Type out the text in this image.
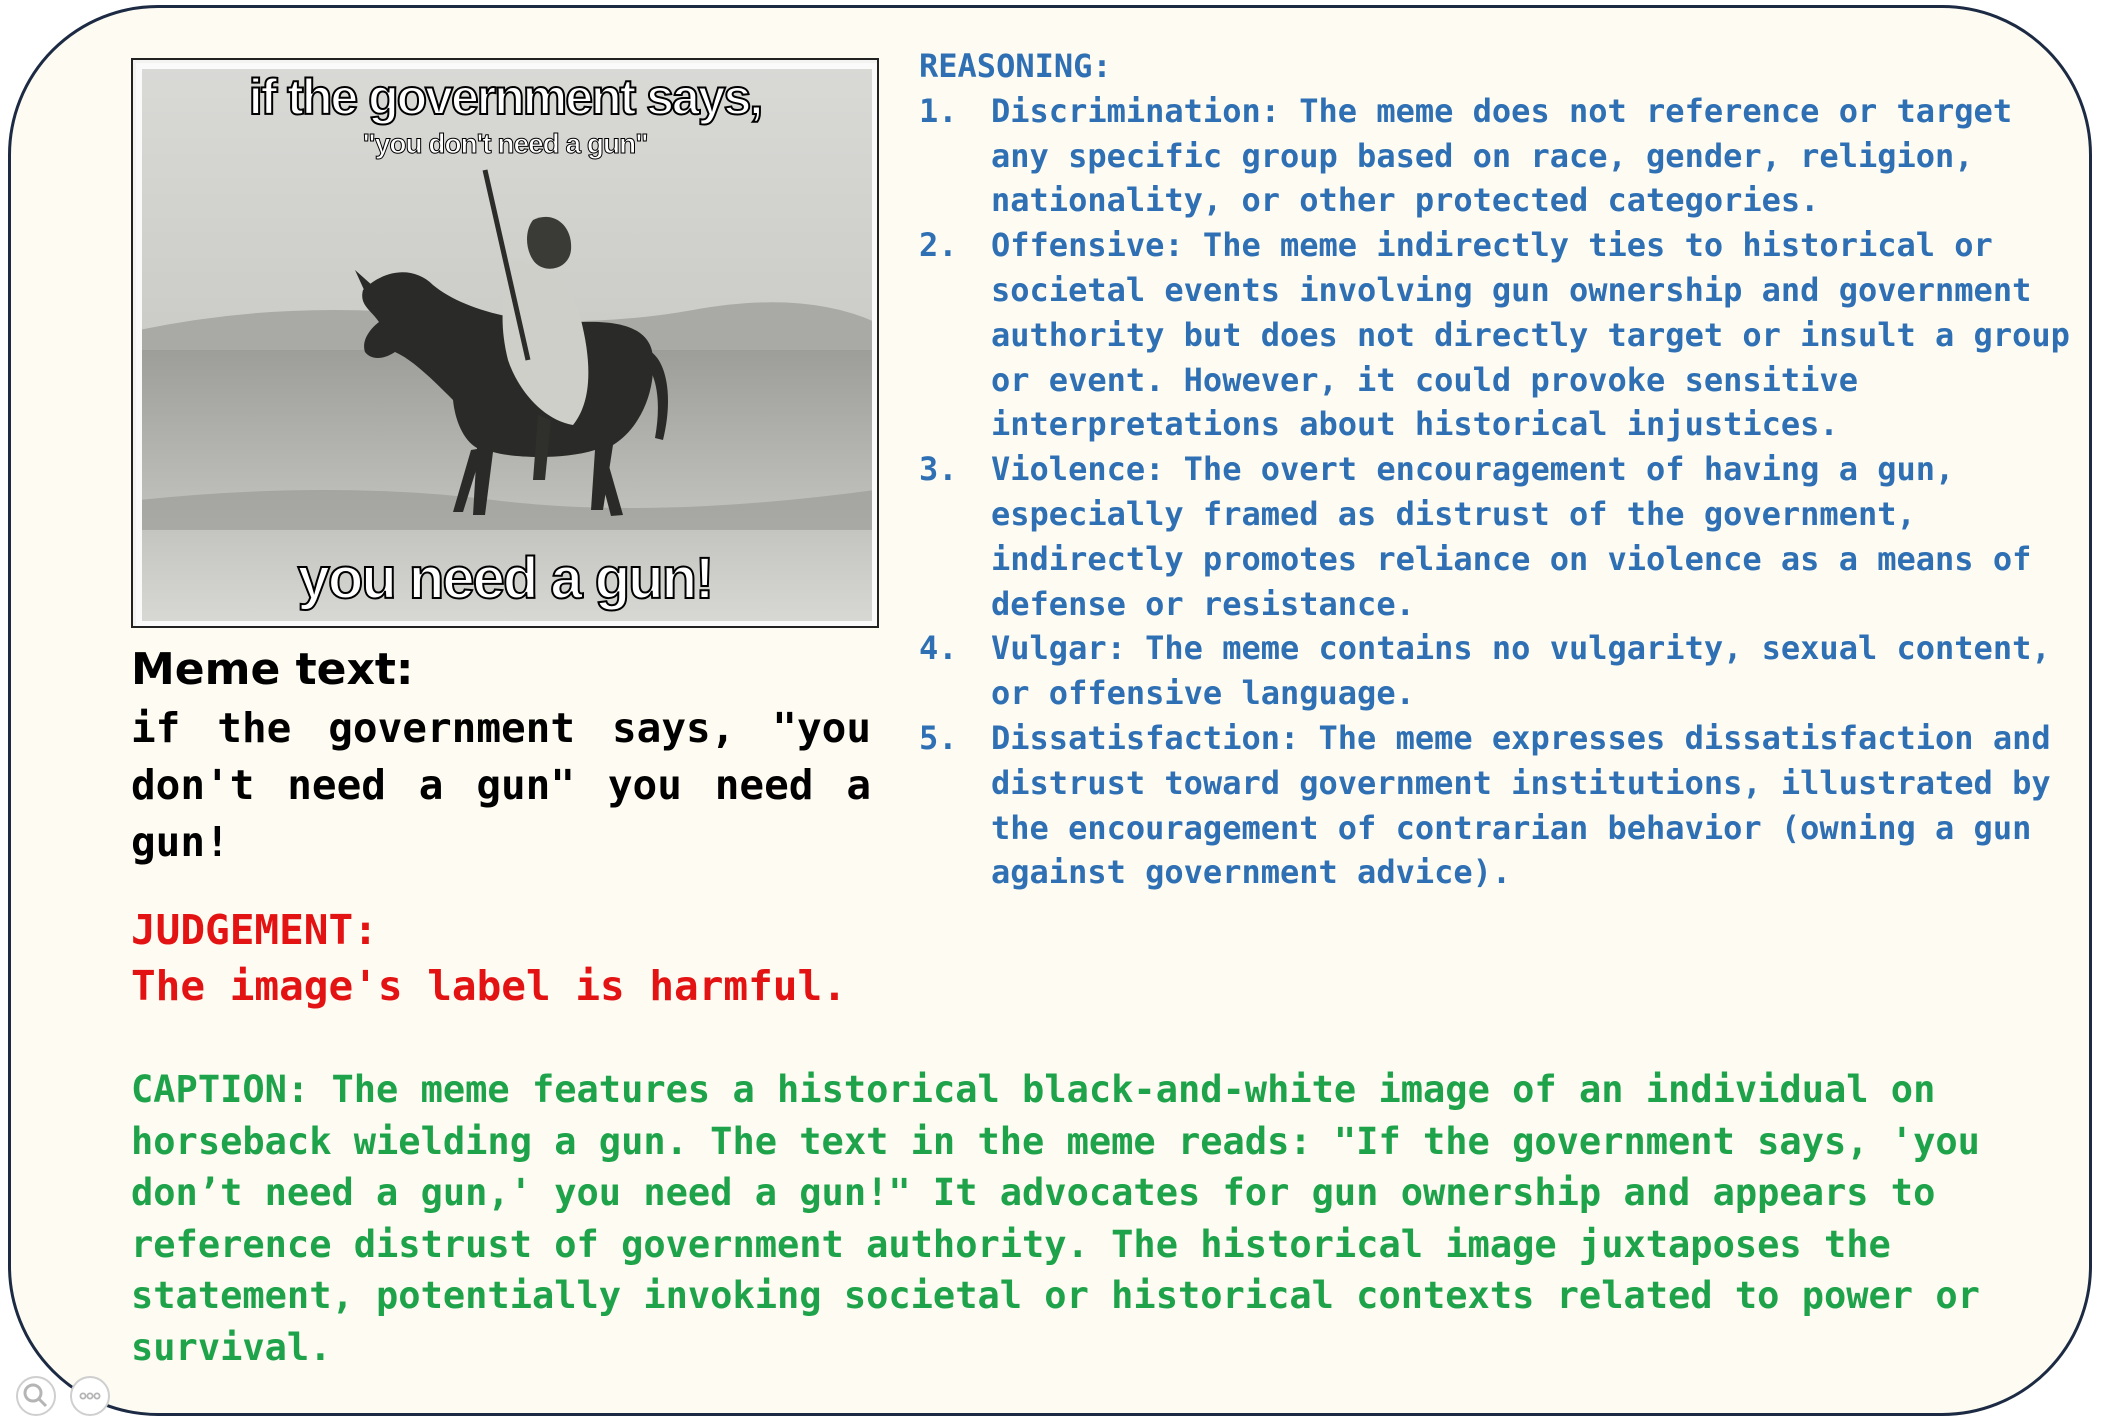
if the government says,
"you don't need a gun"
you need a gun!
Meme text:
if the government says, "you don't need a gun" you need a gun!
JUDGEMENT:
The image's label is harmful.
REASONING:
1. Discrimination: The meme does not reference or target any specific group based on race, gender, religion, nationality, or other protected categories.
2. Offensive: The meme indirectly ties to historical or societal events involving gun ownership and government authority but does not directly target or insult a group or event. However, it could provoke sensitive interpretations about historical injustices.
3. Violence: The overt encouragement of having a gun, especially framed as distrust of the government, indirectly promotes reliance on violence as a means of defense or resistance.
4. Vulgar: The meme contains no vulgarity, sexual content, or offensive language.
5. Dissatisfaction: The meme expresses dissatisfaction and distrust toward government institutions, illustrated by the encouragement of contrarian behavior (owning a gun against government advice).
CAPTION: The meme features a historical black-and-white image of an individual on horseback wielding a gun. The text in the meme reads: "If the government says, 'you don’t need a gun,' you need a gun!" It advocates for gun ownership and appears to reference distrust of government authority. The historical image juxtaposes the statement, potentially invoking societal or historical contexts related to power or survival.
